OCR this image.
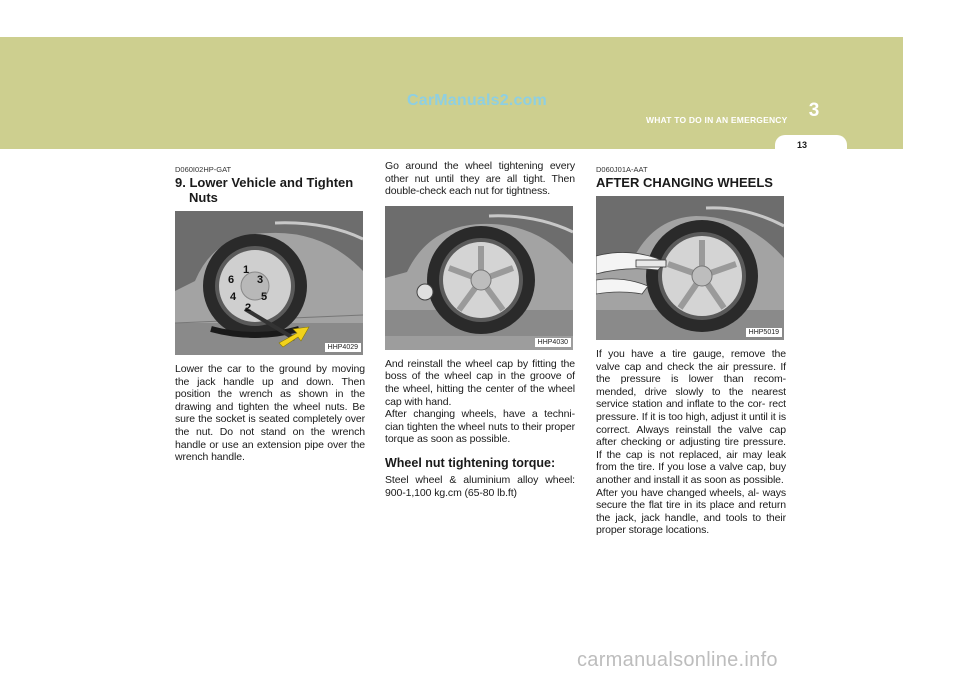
CarManuals2.com	3
WHAT TO DO IN AN EMERGENCY
13
D060I02HP-GAT
9. Lower Vehicle and Tighten
Nuts
1
3
6
5
4
2
HHP4029

Lower the car to the ground by moving the jack handle up and down. Then position the wrench as shown in the drawing and tighten the wheel nuts. Be sure the socket is seated completely over the nut. Do not stand on the wrench handle or use an extension pipe over the wrench handle.

Go around the wheel tightening every other nut until they are all tight. Then double-check each nut for tightness.

HHP4030

And reinstall the wheel cap by fitting the boss of the wheel cap in the groove of the wheel, hitting the center of the wheel cap with hand.

After changing wheels, have a techni- cian tighten the wheel nuts to their proper torque as soon as possible.

Wheel nut tightening torque:

Steel wheel & aluminium alloy wheel: 900-1,100 kg.cm (65-80 lb.ft)

D060J01A-AAT
AFTER CHANGING WHEELS
HHP5019

If you have a tire gauge, remove the valve cap and check the air pressure. If the pressure is lower than recom- mended, drive slowly to the nearest service station and inflate to the cor- rect pressure. If it is too high, adjust it until it is correct. Always reinstall the valve cap after checking or adjusting tire pressure. If the cap is not replaced, air may leak from the tire. If you lose a valve cap, buy another and install it as soon as possible.

After you have changed wheels, al- ways secure the flat tire in its place and return the jack, jack handle, and tools to their proper storage locations.

carmanualsonline.info
